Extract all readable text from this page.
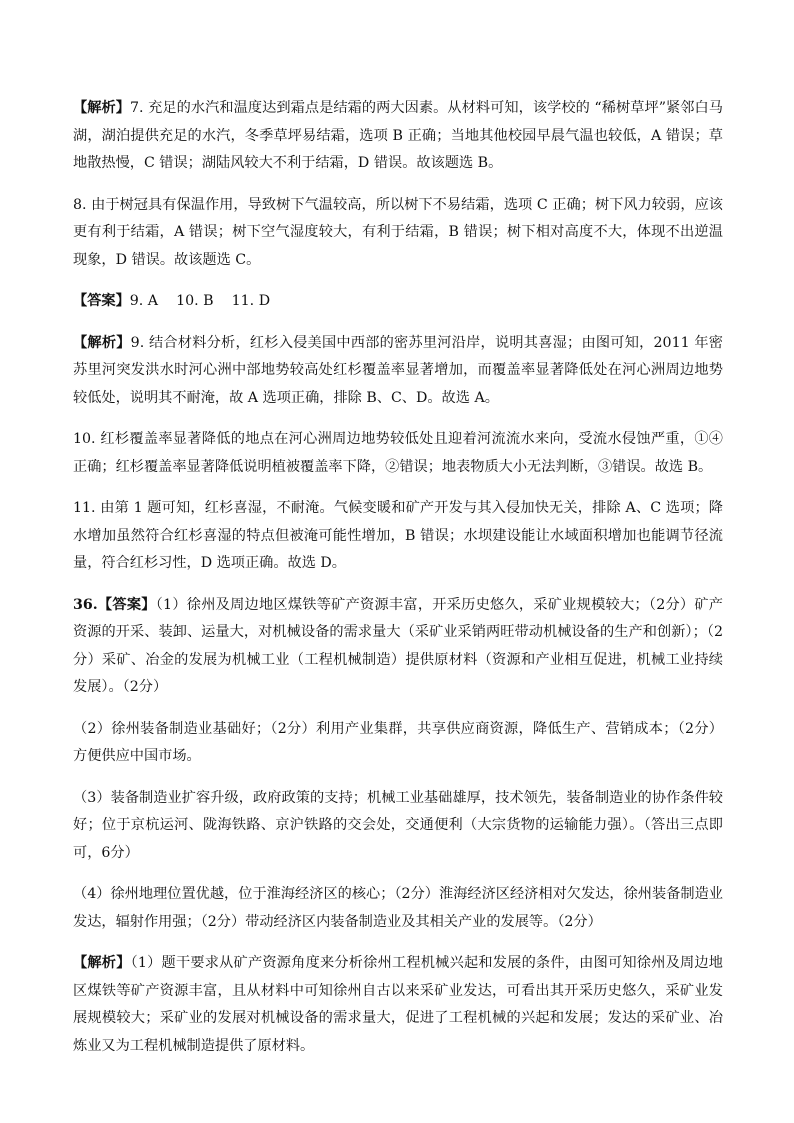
【解析】7. 充足的水汽和温度达到霜点是结霜的两大因素。从材料可知，该学校的 “稀树草坪”紧邻白马湖，湖泊提供充足的水汽，冬季草坪易结霜，选项 B 正确；当地其他校园早晨气温也较低，A 错误；草地散热慢，C 错误；湖陆风较大不利于结霜，D 错误。故该题选 B。

8. 由于树冠具有保温作用，导致树下气温较高，所以树下不易结霜，选项 C 正确；树下风力较弱，应该更有利于结霜，A 错误；树下空气湿度较大，有利于结霜，B 错误；树下相对高度不大，体现不出逆温现象，D 错误。故该题选 C。

【答案】9. A    10. B    11. D

【解析】9. 结合材料分析，红杉入侵美国中西部的密苏里河沿岸，说明其喜湿；由图可知，2011 年密苏里河突发洪水时河心洲中部地势较高处红杉覆盖率显著增加，而覆盖率显著降低处在河心洲周边地势较低处，说明其不耐淹，故 A 选项正确，排除 B、C、D。故选 A。

10. 红杉覆盖率显著降低的地点在河心洲周边地势较低处且迎着河流流水来向，受流水侵蚀严重，①④正确；红杉覆盖率显著降低说明植被覆盖率下降，②错误；地表物质大小无法判断，③错误。故选 B。

11. 由第 1 题可知，红杉喜湿，不耐淹。气候变暖和矿产开发与其入侵加快无关，排除 A、C 选项；降水增加虽然符合红杉喜湿的特点但被淹可能性增加，B 错误；水坝建设能让水域面积增加也能调节径流量，符合红杉习性，D 选项正确。故选 D。

36.【答案】（1）徐州及周边地区煤铁等矿产资源丰富，开采历史悠久，采矿业规模较大；（2分）矿产资源的开采、装卸、运量大，对机械设备的需求量大（采矿业采销两旺带动机械设备的生产和创新）；（2分）采矿、冶金的发展为机械工业（工程机械制造）提供原材料（资源和产业相互促进，机械工业持续发展）。（2分）

（2）徐州装备制造业基础好；（2分）利用产业集群，共享供应商资源，降低生产、营销成本；（2分）方便供应中国市场。

（3）装备制造业扩容升级，政府政策的支持；机械工业基础雄厚，技术领先，装备制造业的协作条件较好；位于京杭运河、陇海铁路、京沪铁路的交会处，交通便利（大宗货物的运输能力强）。（答出三点即可，6分）

（4）徐州地理位置优越，位于淮海经济区的核心；（2分）淮海经济区经济相对欠发达，徐州装备制造业发达，辐射作用强；（2分）带动经济区内装备制造业及其相关产业的发展等。（2分）

【解析】（1）题干要求从矿产资源角度来分析徐州工程机械兴起和发展的条件，由图可知徐州及周边地区煤铁等矿产资源丰富，且从材料中可知徐州自古以来采矿业发达，可看出其开采历史悠久，采矿业发展规模较大；采矿业的发展对机械设备的需求量大，促进了工程机械的兴起和发展；发达的采矿业、冶炼业又为工程机械制造提供了原材料。
